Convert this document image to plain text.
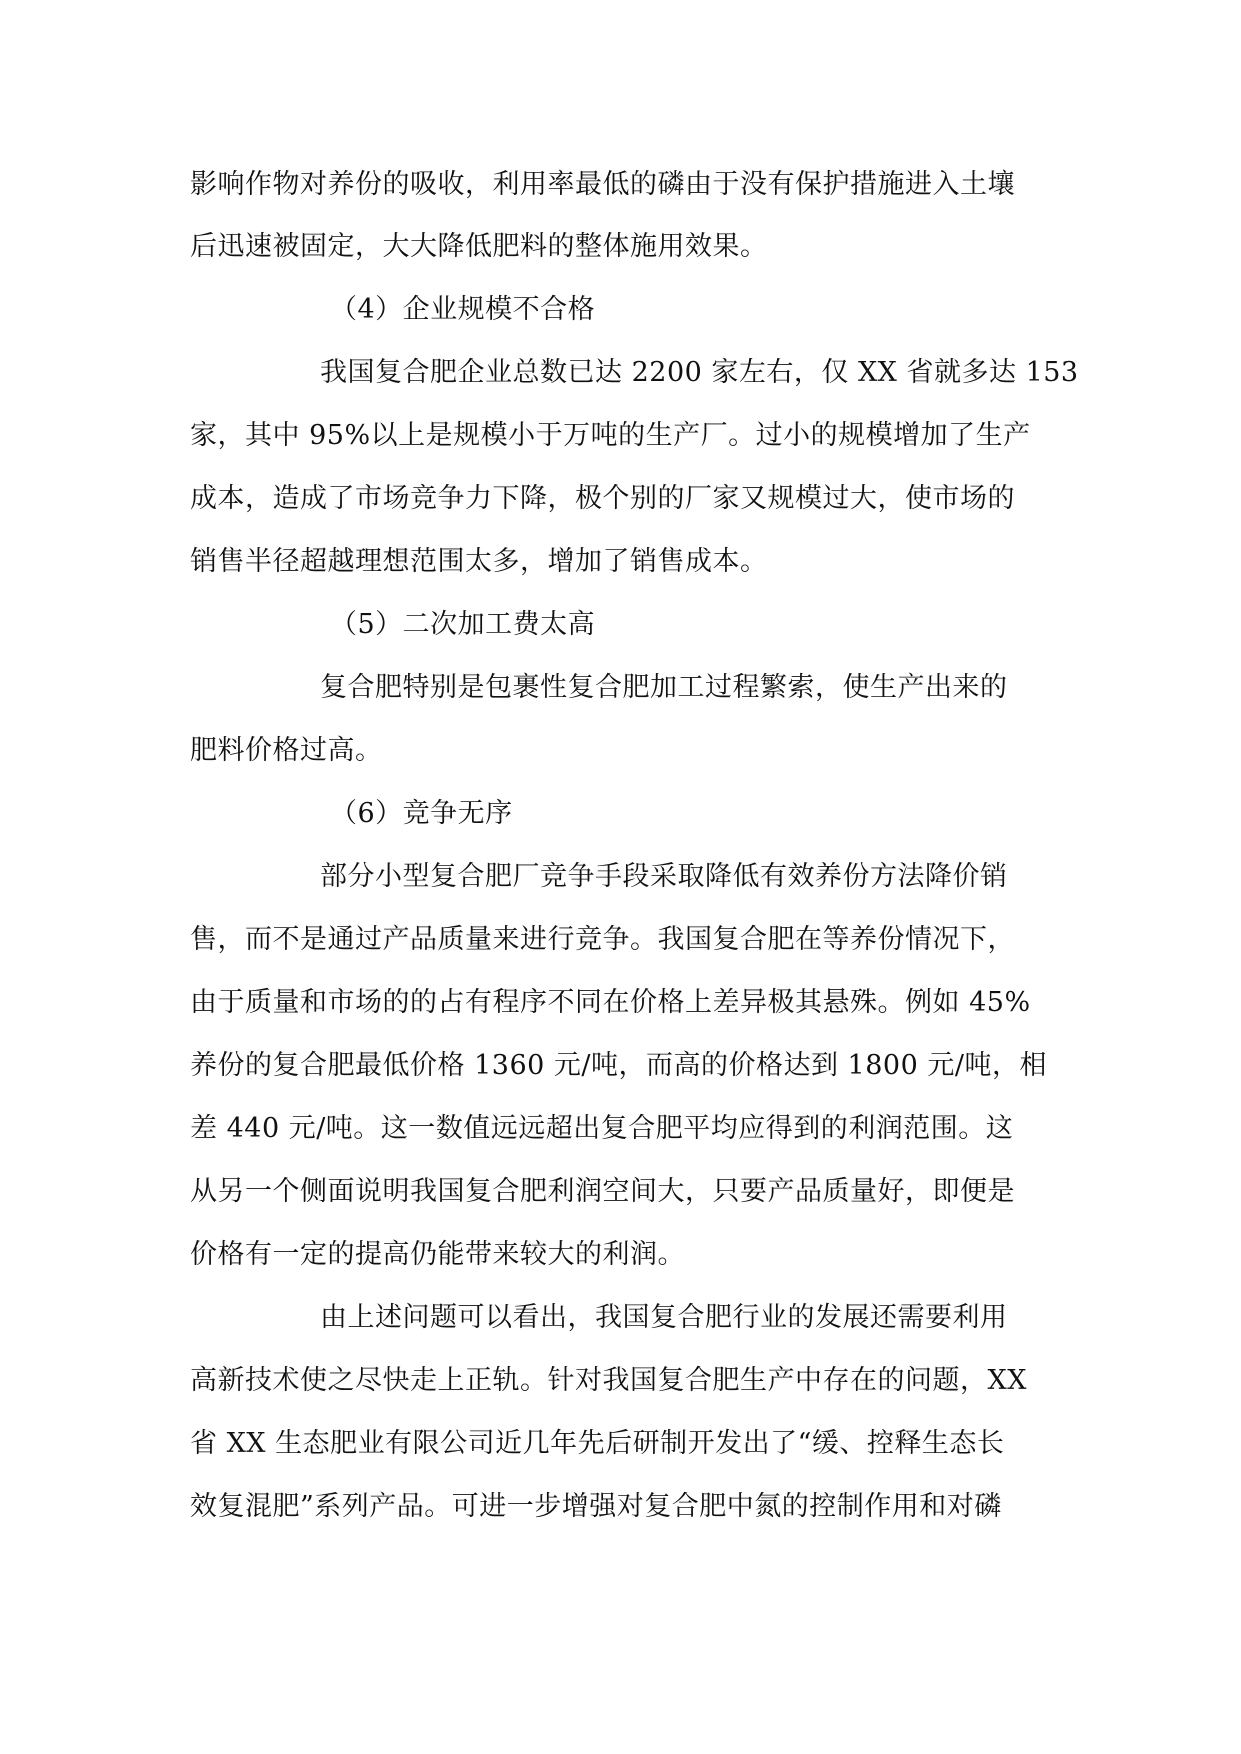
影响作物对养份的吸收，利用率最低的磷由于没有保护措施进入土壤
后迅速被固定，大大降低肥料的整体施用效果。
（4）企业规模不合格
我国复合肥企业总数已达 2200 家左右，仅 XX 省就多达 153
家，其中 95%以上是规模小于万吨的生产厂。过小的规模增加了生产
成本，造成了市场竞争力下降，极个别的厂家又规模过大，使市场的
销售半径超越理想范围太多，增加了销售成本。
（5）二次加工费太高
复合肥特别是包裹性复合肥加工过程繁索，使生产出来的
肥料价格过高。
（6）竞争无序
部分小型复合肥厂竞争手段采取降低有效养份方法降价销
售，而不是通过产品质量来进行竞争。我国复合肥在等养份情况下，
由于质量和市场的的占有程序不同在价格上差异极其悬殊。例如 45%
养份的复合肥最低价格 1360 元/吨，而高的价格达到 1800 元/吨，相
差 440 元/吨。这一数值远远超出复合肥平均应得到的利润范围。这
从另一个侧面说明我国复合肥利润空间大，只要产品质量好，即便是
价格有一定的提高仍能带来较大的利润。
由上述问题可以看出，我国复合肥行业的发展还需要利用
高新技术使之尽快走上正轨。针对我国复合肥生产中存在的问题，XX
省 XX 生态肥业有限公司近几年先后研制开发出了“缓、控释生态长
效复混肥”系列产品。可进一步增强对复合肥中氮的控制作用和对磷
